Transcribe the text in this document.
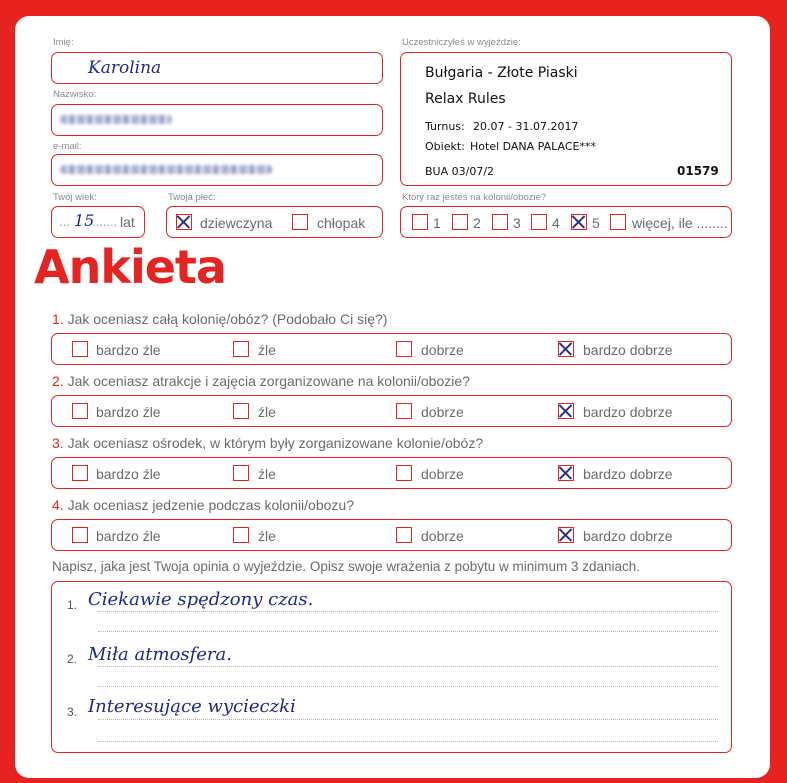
Imię:
Karolina
Nazwisko:
e-mail:
Twój wiek:
... 15
....... lat
Twoja płeć:
dziewczyna	chłopak
Uczestniczyłeś w wyjeździe:
Bułgaria - Złote Piaski
Relax Rules
Turnus: 20.07 - 31.07.2017
Obiekt: Hotel DANA PALACE***
BUA 03/07/2	01579
Który raz jesteś na kolonii/obozie?
1 2 3 4 5 więcej, ile ........
Ankieta
1. Jak oceniasz całą kolonię/obóz? (Podobało Ci się?)
bardzo źle	źle	dobrze	bardzo dobrze
2. Jak oceniasz atrakcje i zajęcia zorganizowane na kolonii/obozie?
bardzo źle	źle	dobrze	bardzo dobrze
3. Jak oceniasz ośrodek, w którym były zorganizowane kolonie/obóz?
bardzo źle	źle	dobrze	bardzo dobrze
4. Jak oceniasz jedzenie podczas kolonii/obozu?
bardzo źle	źle	dobrze	bardzo dobrze
Napisz, jaka jest Twoja opinia o wyjeździe. Opisz swoje wrażenia z pobytu w minimum 3 zdaniach.
1. Ciekawie spędzony czas.
2. Miła atmosfera.
3. Interesujące wycieczki
